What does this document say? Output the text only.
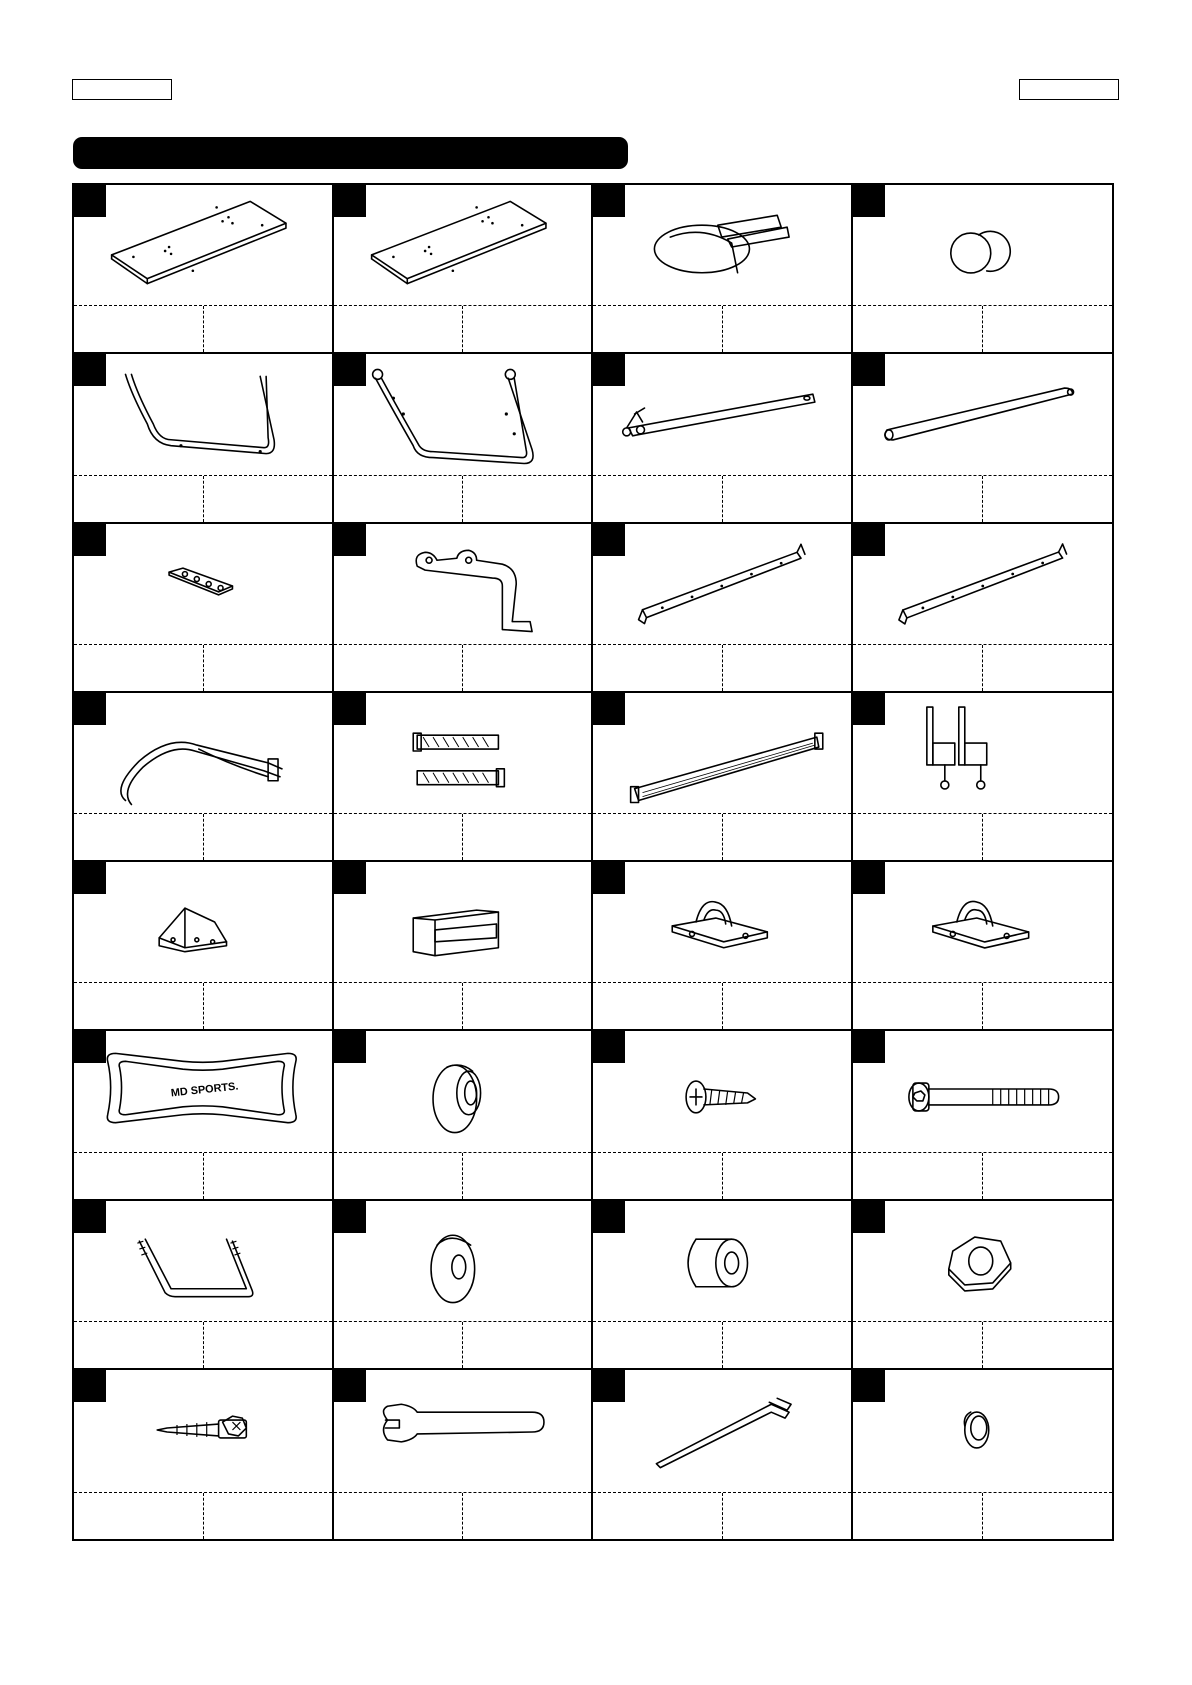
MD SPORTS.
